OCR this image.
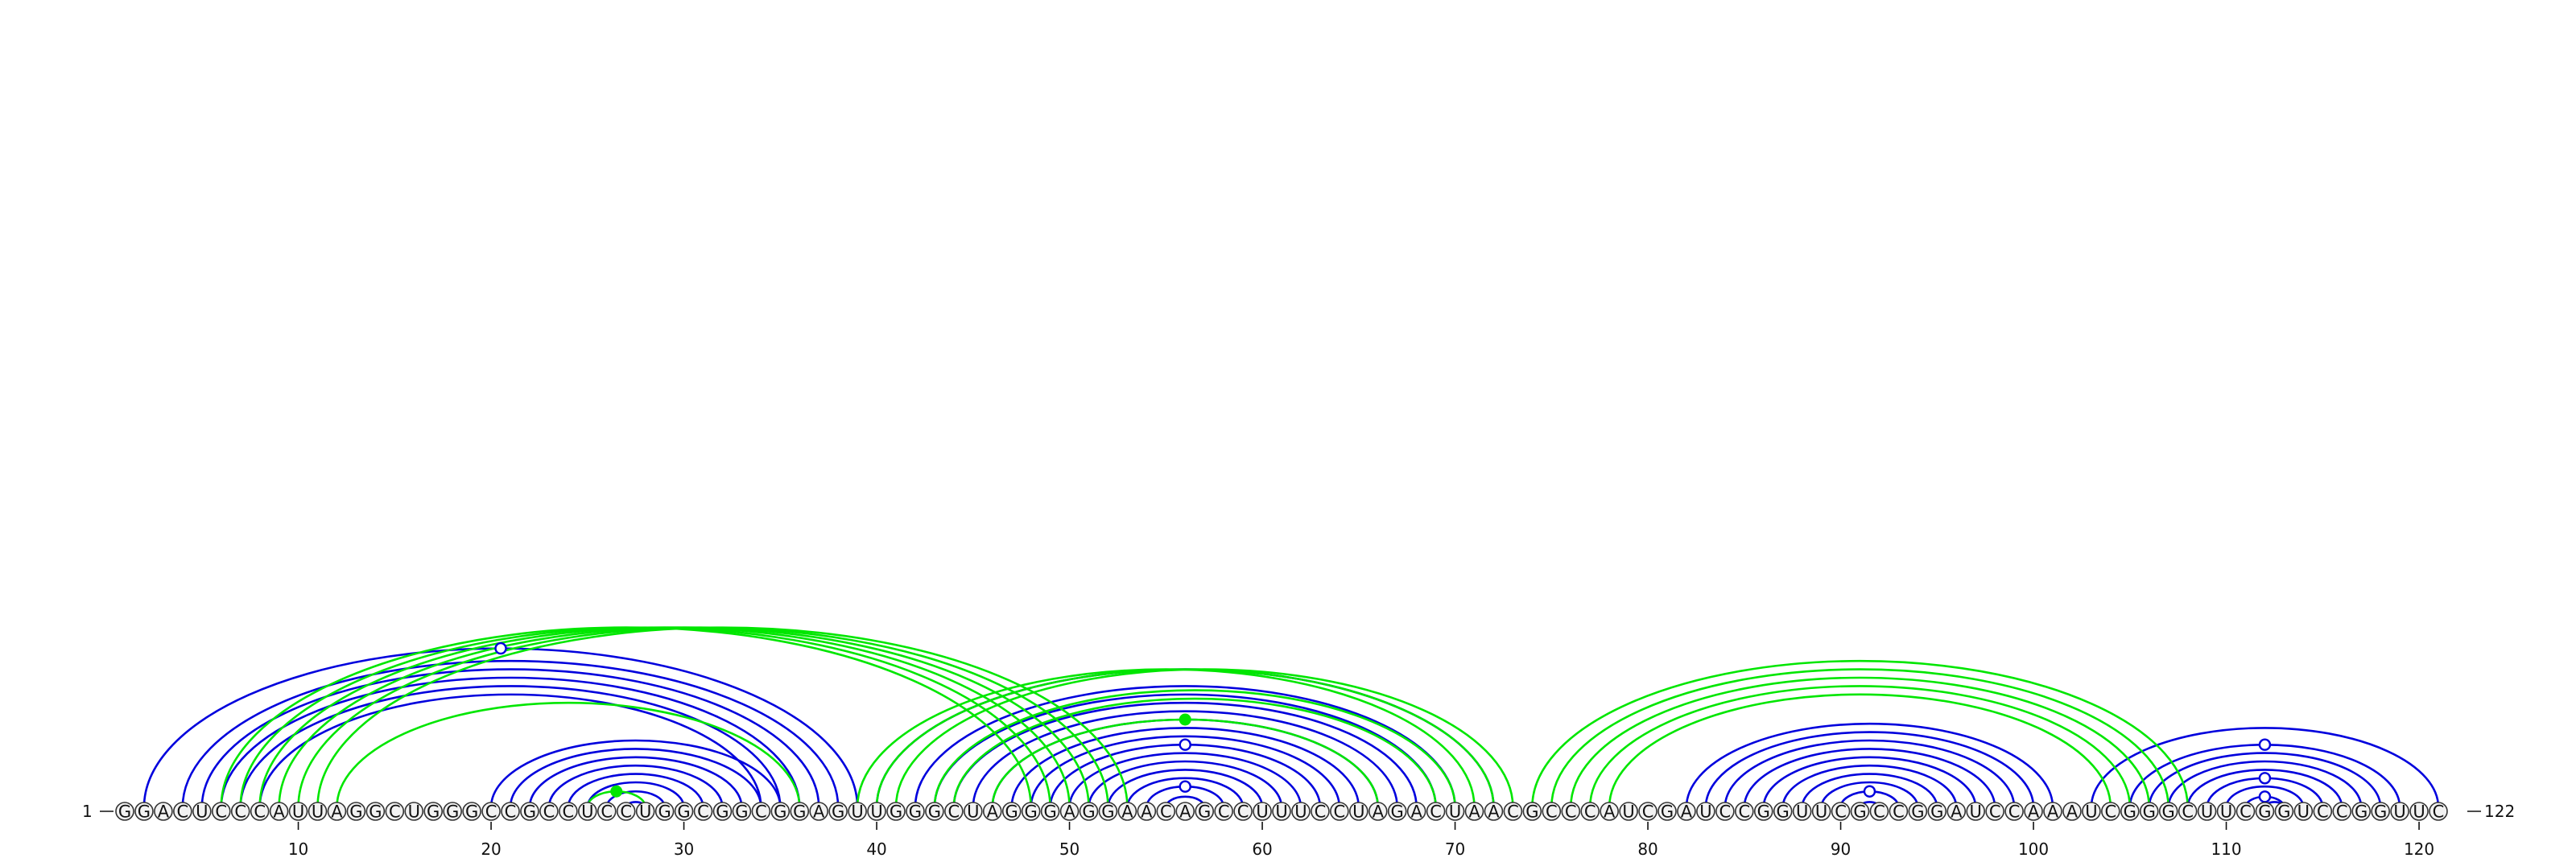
1	122
G G A C U C C C A U U A G G C U G G G C C G C C U C C U G G C G G C G G A G U U G G G C U A G G G A G G A A C A G C C U U U C C U A G A C U A A C G C C C A U C G A U C C G G U U C G C C G G A U C C A A A U C G G G C U U C G G U C C G G U U C
10	20	30	40	50	60	70	80	90	100	110	120
